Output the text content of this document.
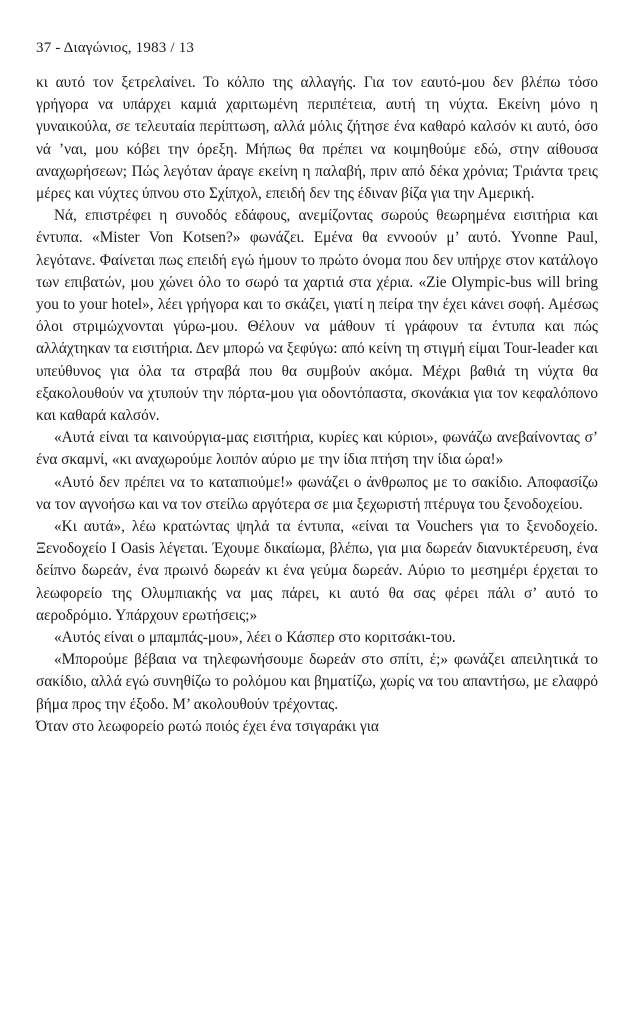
37 - Διαγώνιος, 1983 / 13

κι αυτό τον ξετρελαίνει. Το κόλπο της αλλαγής. Για τον εαυτό-μου δεν βλέπω τόσο γρήγορα να υπάρχει καμιά χαριτωμένη περιπέτεια, αυτή τη νύχτα. Εκείνη μόνο η γυναικούλα, σε τελευταία περίπτωση, αλλά μόλις ζήτησε ένα καθαρό καλσόν κι αυτό, όσο νά ’ναι, μου κόβει την όρεξη. Μήπως θα πρέπει να κοιμηθούμε εδώ, στην αίθουσα αναχωρήσεων; Πώς λεγόταν άραγε εκείνη η παλαβή, πριν από δέκα χρόνια; Τριάντα τρεις μέρες και νύχτες ύπνου στο Σχίπχολ, επειδή δεν της έδιναν βίζα για την Αμερική.

Νά, επιστρέφει η συνοδός εδάφους, ανεμίζοντας σωρούς θεωρημένα εισιτήρια και έντυπα. «Mister Von Kotsen?» φωνάζει. Εμένα θα εννοούν μ’ αυτό. Yvonne Paul, λεγότανε. Φαίνεται πως επειδή εγώ ήμουν το πρώτο όνομα που δεν υπήρχε στον κατάλογο των επιβατών, μου χώνει όλο το σωρό τα χαρτιά στα χέρια. «Zie Olympic-bus will bring you to your hotel», λέει γρήγορα και το σκάζει, γιατί η πείρα την έχει κάνει σοφή. Αμέσως όλοι στριμώχνονται γύρω-μου. Θέλουν να μάθουν τί γράφουν τα έντυπα και πώς αλλάχτηκαν τα εισιτήρια. Δεν μπορώ να ξεφύγω: από κείνη τη στιγμή είμαι Tour-leader και υπεύθυνος για όλα τα στραβά που θα συμβούν ακόμα. Μέχρι βαθιά τη νύχτα θα εξακολουθούν να χτυπούν την πόρτα-μου για οδοντόπαστα, σκονάκια για τον κεφαλόπονο και καθαρά καλσόν.

«Αυτά είναι τα καινούργια-μας εισιτήρια, κυρίες και κύριοι», φωνάζω ανεβαίνοντας σ’ ένα σκαμνί, «κι αναχωρούμε λοιπόν αύριο με την ίδια πτήση την ίδια ώρα!»

«Αυτό δεν πρέπει να το καταπιούμε!» φωνάζει ο άνθρωπος με το σακίδιο. Αποφασίζω να τον αγνοήσω και να τον στείλω αργότερα σε μια ξεχωριστή πτέρυγα του ξενοδοχείου.

«Κι αυτά», λέω κρατώντας ψηλά τα έντυπα, «είναι τα Vouchers για το ξενοδοχείο. Ξενοδοχείο I Oasis λέγεται. Έχουμε δικαίωμα, βλέπω, για μια δωρεάν διανυκτέρευση, ένα δείπνο δωρεάν, ένα πρωινό δωρεάν κι ένα γεύμα δωρεάν. Αύριο το μεσημέρι έρχεται το λεωφορείο της Ολυμπιακής να μας πάρει, κι αυτό θα σας φέρει πάλι σ’ αυτό το αεροδρόμιο. Υπάρχουν ερωτήσεις;»

«Αυτός είναι ο μπαμπάς-μου», λέει ο Κάσπερ στο κοριτσάκι-του.

«Μπορούμε βέβαια να τηλεφωνήσουμε δωρεάν στο σπίτι, έ;» φωνάζει απειλητικά το σακίδιο, αλλά εγώ συνηθίζω το ρολόμου και βηματίζω, χωρίς να του απαντήσω, με ελαφρό βήμα προς την έξοδο. Μ’ ακολουθούν τρέχοντας.

Όταν στο λεωφορείο ρωτώ ποιός έχει ένα τσιγαράκι για
